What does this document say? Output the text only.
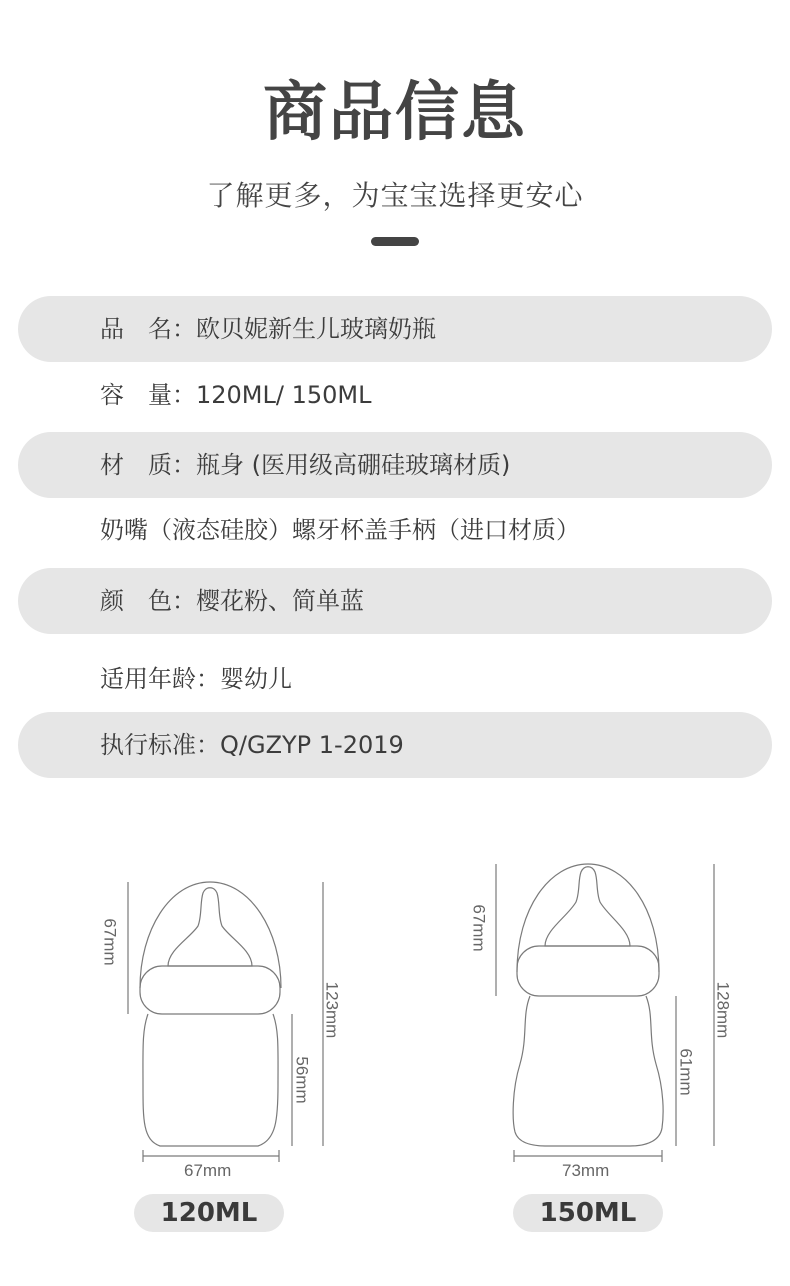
商品信息
了解更多，为宝宝选择更安心
品　名：欧贝妮新生儿玻璃奶瓶
容　量：120ML/ 150ML
材　质：瓶身 (医用级高硼硅玻璃材质)
奶嘴（液态硅胶）螺牙杯盖手柄（进口材质）
颜　色：樱花粉、简单蓝
适用年龄：婴幼儿
执行标准：Q/GZYP 1-2019
67mm
123mm
56mm
67mm
120ML
67mm
128mm
61mm
73mm
150ML
